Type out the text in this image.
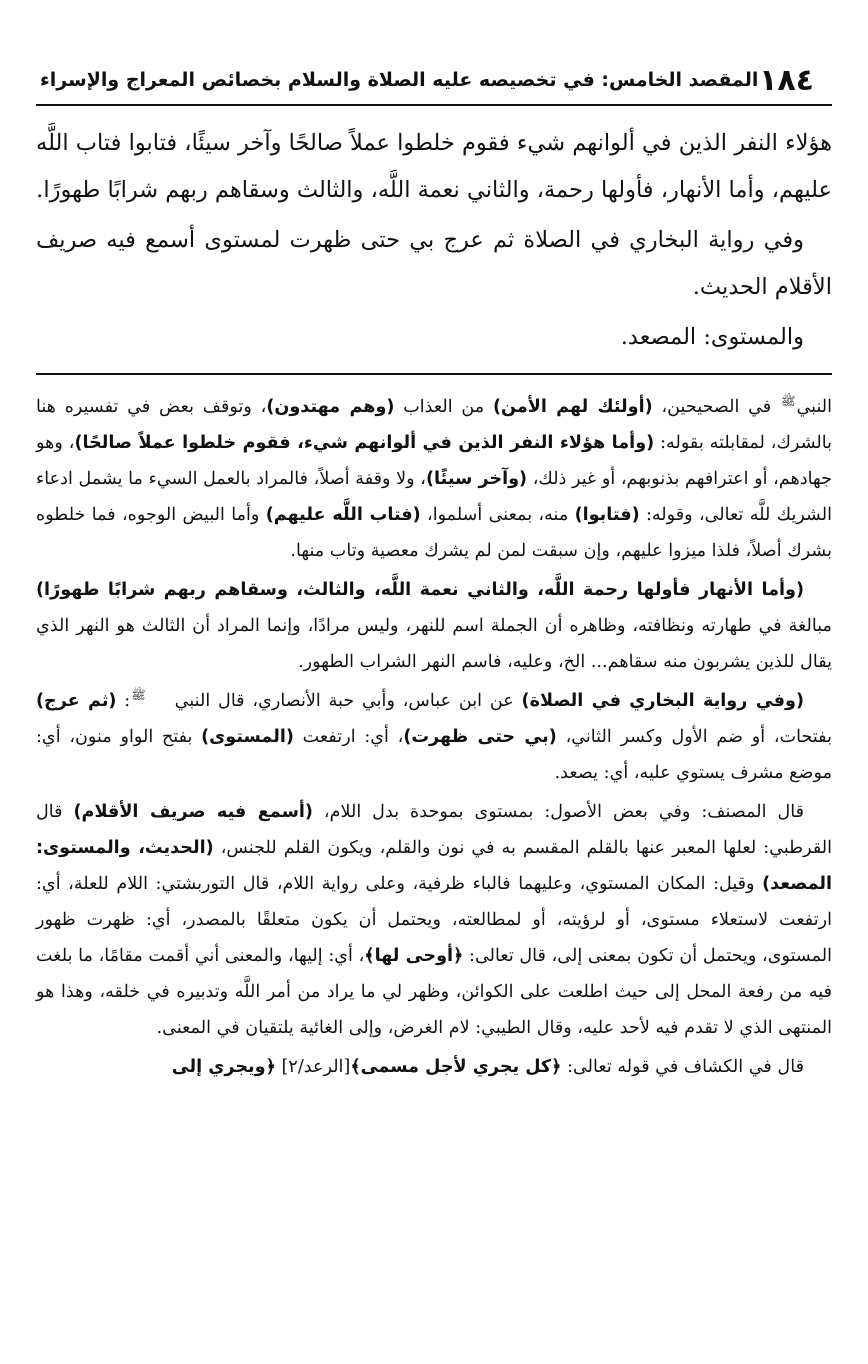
١٨٤
المقصد الخامس: في تخصيصه عليه الصلاة والسلام بخصائص المعراج والإسراء

هؤلاء النفر الذين في ألوانهم شيء فقوم خلطوا عملاً صالحًا وآخر سيئًا، فتابوا فتاب اللَّه عليهم، وأما الأنهار، فأولها رحمة، والثاني نعمة اللَّه، والثالث وسقاهم ربهم شرابًا طهورًا.

وفي رواية البخاري في الصلاة ثم عرج بي حتى ظهرت لمستوى أسمع فيه صريف الأقلام الحديث.

والمستوى: المصعد.

النبيﷺ في الصحيحين، (أولئك لهم الأمن) من العذاب (وهم مهتدون)، وتوقف بعض في تفسيره هنا بالشرك، لمقابلته بقوله: (وأما هؤلاء النفر الذين في ألوانهم شيء، فقوم خلطوا عملاً صالحًا)، وهو جهادهم، أو اعترافهم بذنوبهم، أو غير ذلك، (وآخر سيئًا)، ولا وقفة أصلاً، فالمراد بالعمل السيء ما يشمل ادعاء الشريك للَّه تعالى، وقوله: (فتابوا) منه، بمعنى أسلموا، (فتاب اللَّه عليهم) وأما البيض الوجوه، فما خلطوه بشرك أصلاً، فلذا ميزوا عليهم، وإن سبقت لمن لم يشرك معصية وتاب منها.

(وأما الأنهار فأولها رحمة اللَّه، والثاني نعمة اللَّه، والثالث، وسقاهم ربهم شرابًا طهورًا) مبالغة في طهارته ونظافته، وظاهره أن الجملة اسم للنهر، وليس مرادًا، وإنما المراد أن الثالث هو النهر الذي يقال للذين يشربون منه سقاهم... الخ، وعليه، فاسم النهر الشراب الطهور.

(وفي رواية البخاري في الصلاة) عن ابن عباس، وأبي حبة الأنصاري، قال النبيﷺ: (ثم عرج) بفتحات، أو ضم الأول وكسر الثاني، (بي حتى ظهرت)، أي: ارتفعت (المستوى) بفتح الواو منون، أي: موضع مشرف يستوي عليه، أي: يصعد.

قال المصنف: وفي بعض الأصول: بمستوى بموحدة بدل اللام، (أسمع فيه صريف الأقلام) قال القرطبي: لعلها المعبر عنها بالقلم المقسم به في نون والقلم، ويكون القلم للجنس، (الحديث، والمستوى: المصعد) وقيل: المكان المستوي، وعليهما فالباء ظرفية، وعلى رواية اللام، قال التوربشتي: اللام للعلة، أي: ارتفعت لاستعلاء مستوى، أو لرؤيته، أو لمطالعته، ويحتمل أن يكون متعلقًا بالمصدر، أي: ظهرت ظهور المستوى، ويحتمل أن تكون بمعنى إلى، قال تعالى: ﴿أوحى لها﴾، أي: إليها، والمعنى أني أقمت مقامًا، ما بلغت فيه من رفعة المحل إلى حيث اطلعت على الكوائن، وظهر لي ما يراد من أمر اللَّه وتدبيره في خلقه، وهذا هو المنتهى الذي لا تقدم فيه لأحد عليه، وقال الطيبي: لام الغرض، وإلى الغائية يلتقيان في المعنى.

قال في الكشاف في قوله تعالى: ﴿كل يجري لأجل مسمى﴾[الرعد/٢] ﴿ويجري إلى
